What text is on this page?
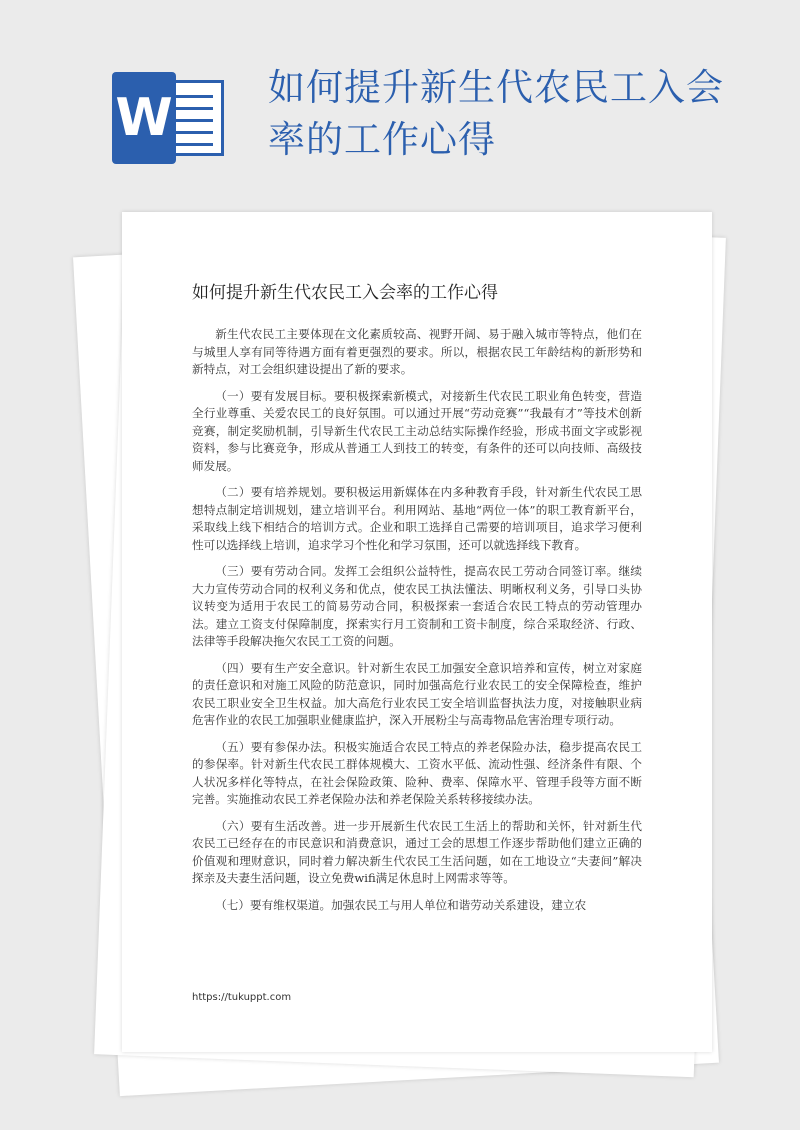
W
如何提升新生代农民工入会率的工作心得
如何提升新生代农民工入会率的工作心得

新生代农民工主要体现在文化素质较高、视野开阔、易于融入城市等特点，他们在与城里人享有同等待遇方面有着更强烈的要求。所以，根据农民工年龄结构的新形势和新特点，对工会组织建设提出了新的要求。

（一）要有发展目标。要积极探索新模式，对接新生代农民工职业角色转变，营造全行业尊重、关爱农民工的良好氛围。可以通过开展“劳动竞赛”“我最有才”等技术创新竞赛，制定奖励机制，引导新生代农民工主动总结实际操作经验，形成书面文字或影视资料，参与比赛竞争，形成从普通工人到技工的转变，有条件的还可以向技师、高级技师发展。

（二）要有培养规划。要积极运用新媒体在内多种教育手段，针对新生代农民工思想特点制定培训规划，建立培训平台。利用网站、基地“两位一体”的职工教育新平台，采取线上线下相结合的培训方式。企业和职工选择自己需要的培训项目，追求学习便利性可以选择线上培训，追求学习个性化和学习氛围，还可以就选择线下教育。

（三）要有劳动合同。发挥工会组织公益特性，提高农民工劳动合同签订率。继续大力宣传劳动合同的权利义务和优点，使农民工执法懂法、明晰权利义务，引导口头协议转变为适用于农民工的简易劳动合同，积极探索一套适合农民工特点的劳动管理办法。建立工资支付保障制度，探索实行月工资制和工资卡制度，综合采取经济、行政、法律等手段解决拖欠农民工工资的问题。

（四）要有生产安全意识。针对新生农民工加强安全意识培养和宣传，树立对家庭的责任意识和对施工风险的防范意识，同时加强高危行业农民工的安全保障检查，维护农民工职业安全卫生权益。加大高危行业农民工安全培训监督执法力度，对接触职业病危害作业的农民工加强职业健康监护，深入开展粉尘与高毒物品危害治理专项行动。

（五）要有参保办法。积极实施适合农民工特点的养老保险办法，稳步提高农民工的参保率。针对新生代农民工群体规模大、工资水平低、流动性强、经济条件有限、个人状况多样化等特点，在社会保险政策、险种、费率、保障水平、管理手段等方面不断完善。实施推动农民工养老保险办法和养老保险关系转移接续办法。

（六）要有生活改善。进一步开展新生代农民工生活上的帮助和关怀，针对新生代农民工已经存在的市民意识和消费意识，通过工会的思想工作逐步帮助他们建立正确的价值观和理财意识，同时着力解决新生代农民工生活问题，如在工地设立“夫妻间”解决探亲及夫妻生活问题，设立免费wifi满足休息时上网需求等等。

（七）要有维权渠道。加强农民工与用人单位和谐劳动关系建设，建立农

https://tukuppt.com
